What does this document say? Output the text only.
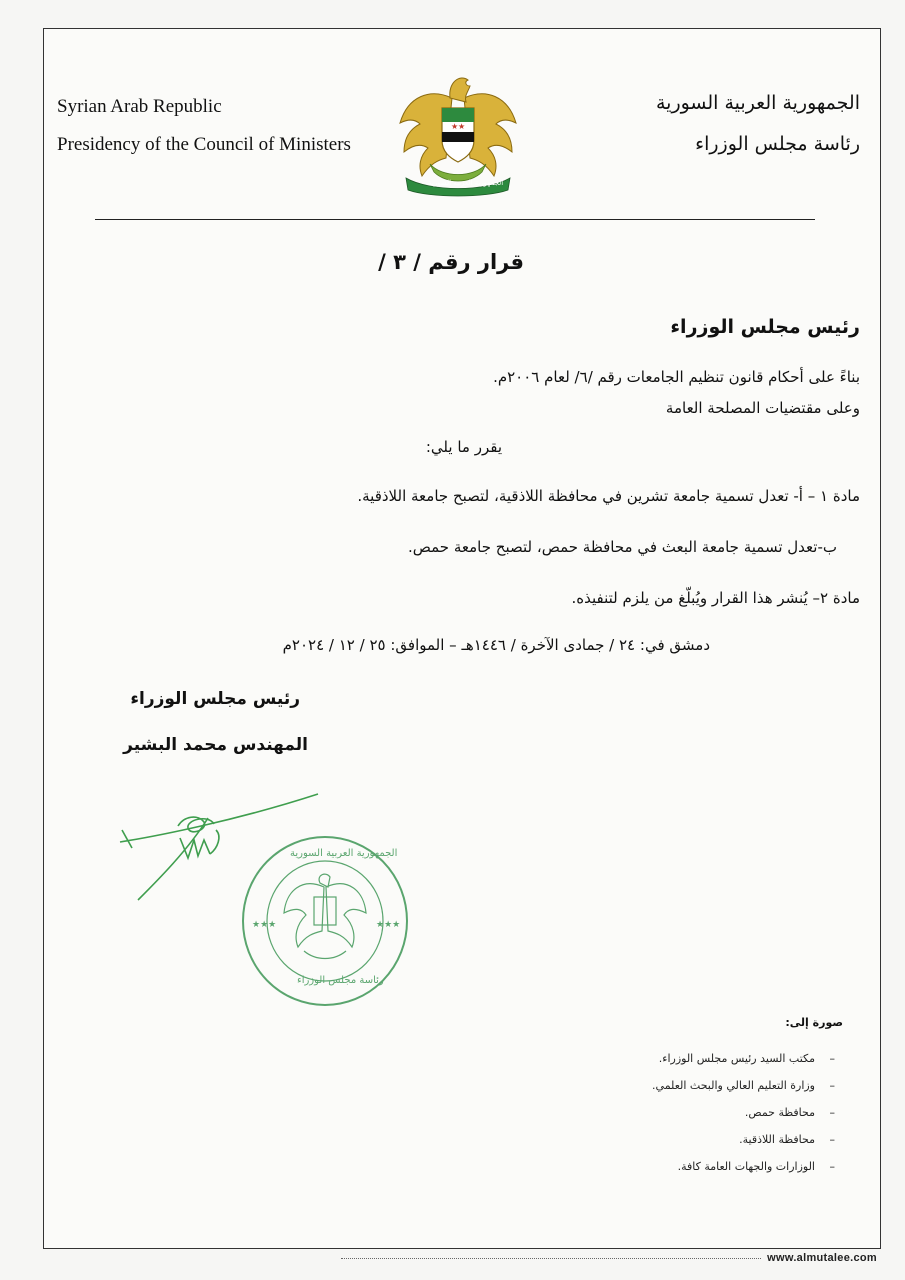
Syrian Arab Republic
Presidency of the Council of Ministers
الجمهورية العربية السورية
رئاسة مجلس الوزراء
★ ★
الجمهورية العربية السورية
قرار رقم / ٣ /
رئيس مجلس الوزراء
بناءً على أحكام قانون تنظيم الجامعات رقم /٦/ لعام ٢٠٠٦م.
وعلى مقتضيات المصلحة العامة
يقرر ما يلي:
مادة ١ – أ- تعدل تسمية جامعة تشرين في محافظة اللاذقية، لتصبح جامعة اللاذقية.
ب-تعدل تسمية جامعة البعث في محافظة حمص، لتصبح جامعة حمص.
مادة ٢– يُنشر هذا القرار ويُبلّغ من يلزم لتنفيذه.
دمشق في: ٢٤ / جمادى الآخرة / ١٤٤٦هـ – الموافق: ٢٥ / ١٢ / ٢٠٢٤م
رئيس مجلس الوزراء
المهندس محمد البشير
★★★	★★★
الجمهورية العربية السورية
رئاسة مجلس الوزراء
صورة إلى:
مكتب السيد رئيس مجلس الوزراء. –
وزارة التعليم العالي والبحث العلمي. –
محافظة حمص. –
محافظة اللاذقية. –
الوزارات والجهات العامة كافة. –
www.almutalee.com
